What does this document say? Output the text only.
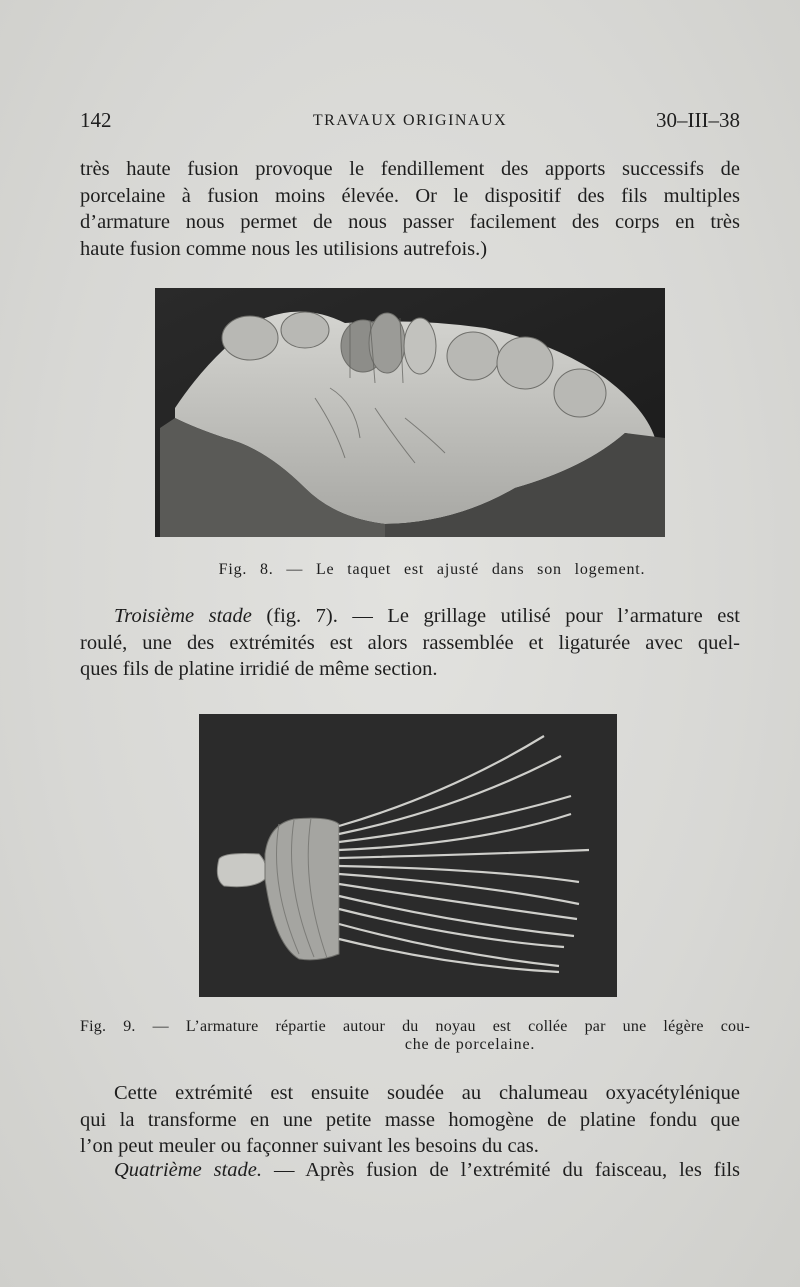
142	TRAVAUX ORIGINAUX	30–III–38
très haute fusion provoque le fendillement des apports successifs de
porcelaine à fusion moins élevée. Or le dispositif des fils multiples
d’armature nous permet de nous passer facilement des corps en très
haute fusion comme nous les utilisions autrefois.)
Fig. 8. — Le taquet est ajusté dans son logement.
Troisième stade (fig. 7). — Le grillage utilisé pour l’armature est
roulé, une des extrémités est alors rassemblée et ligaturée avec quel-
ques fils de platine irridié de même section.
Fig. 9. — L’armature répartie autour du noyau est collée par une légère cou-
che de porcelaine.
Cette extrémité est ensuite soudée au chalumeau oxyacétylénique
qui la transforme en une petite masse homogène de platine fondu que
l’on peut meuler ou façonner suivant les besoins du cas.
Quatrième stade. — Après fusion de l’extrémité du faisceau, les fils
